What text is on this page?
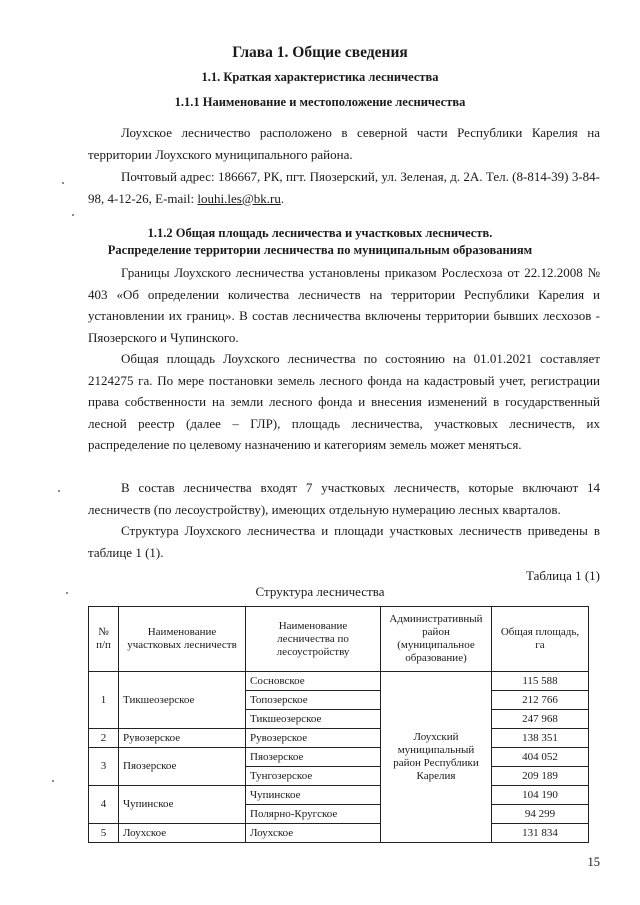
Глава 1. Общие сведения
1.1. Краткая характеристика лесничества
1.1.1 Наименование и местоположение лесничества

Лоухское лесничество расположено в северной части Республики Карелия на территории Лоухского муниципального района.

Почтовый адрес: 186667, РК, пгт. Пяозерский, ул. Зеленая, д. 2А. Тел. (8-814-39) 3-84-98, 4-12-26, E-mail: louhi.les@bk.ru.

1.1.2 Общая площадь лесничества и участковых лесничеств.
Распределение территории лесничества по муниципальным образованиям

Границы Лоухского лесничества установлены приказом Рослесхоза от 22.12.2008 № 403 «Об определении количества лесничеств на территории Республики Карелия и установлении их границ». В состав лесничества включены территории бывших лесхозов - Пяозерского и Чупинского.

Общая площадь Лоухского лесничества по состоянию на 01.01.2021 составляет 2124275 га. По мере постановки земель лесного фонда на кадастровый учет, регистрации права собственности на земли лесного фонда и внесения изменений в государственный лесной реестр (далее – ГЛР), площадь лесничества, участковых лесничеств, их распределение по целевому назначению и категориям земель может меняться.

В состав лесничества входят 7 участковых лесничеств, которые включают 14 лесничеств (по лесоустройству), имеющих отдельную нумерацию лесных кварталов.

Структура Лоухского лесничества и площади участковых лесничеств приведены в таблице 1 (1).

Таблица 1 (1)
Структура лесничества
№ п/п	Наименование участковых лесничеств	Наименование лесничества по лесоустройству	Административный район (муниципальное образование)	Общая площадь, га
1	Тикшеозерское	Сосновское	Лоухский муниципальный район Республики Карелия	115 588
		Топозерское		212 766
		Тикшеозерское		247 968
2	Рувозерское	Рувозерское		138 351
3	Пяозерское	Пяозерское		404 052
		Тунгозерское		209 189
4	Чупинское	Чупинское		104 190
		Полярно-Кругское		94 299
5	Лоухское	Лоухское		131 834
15
